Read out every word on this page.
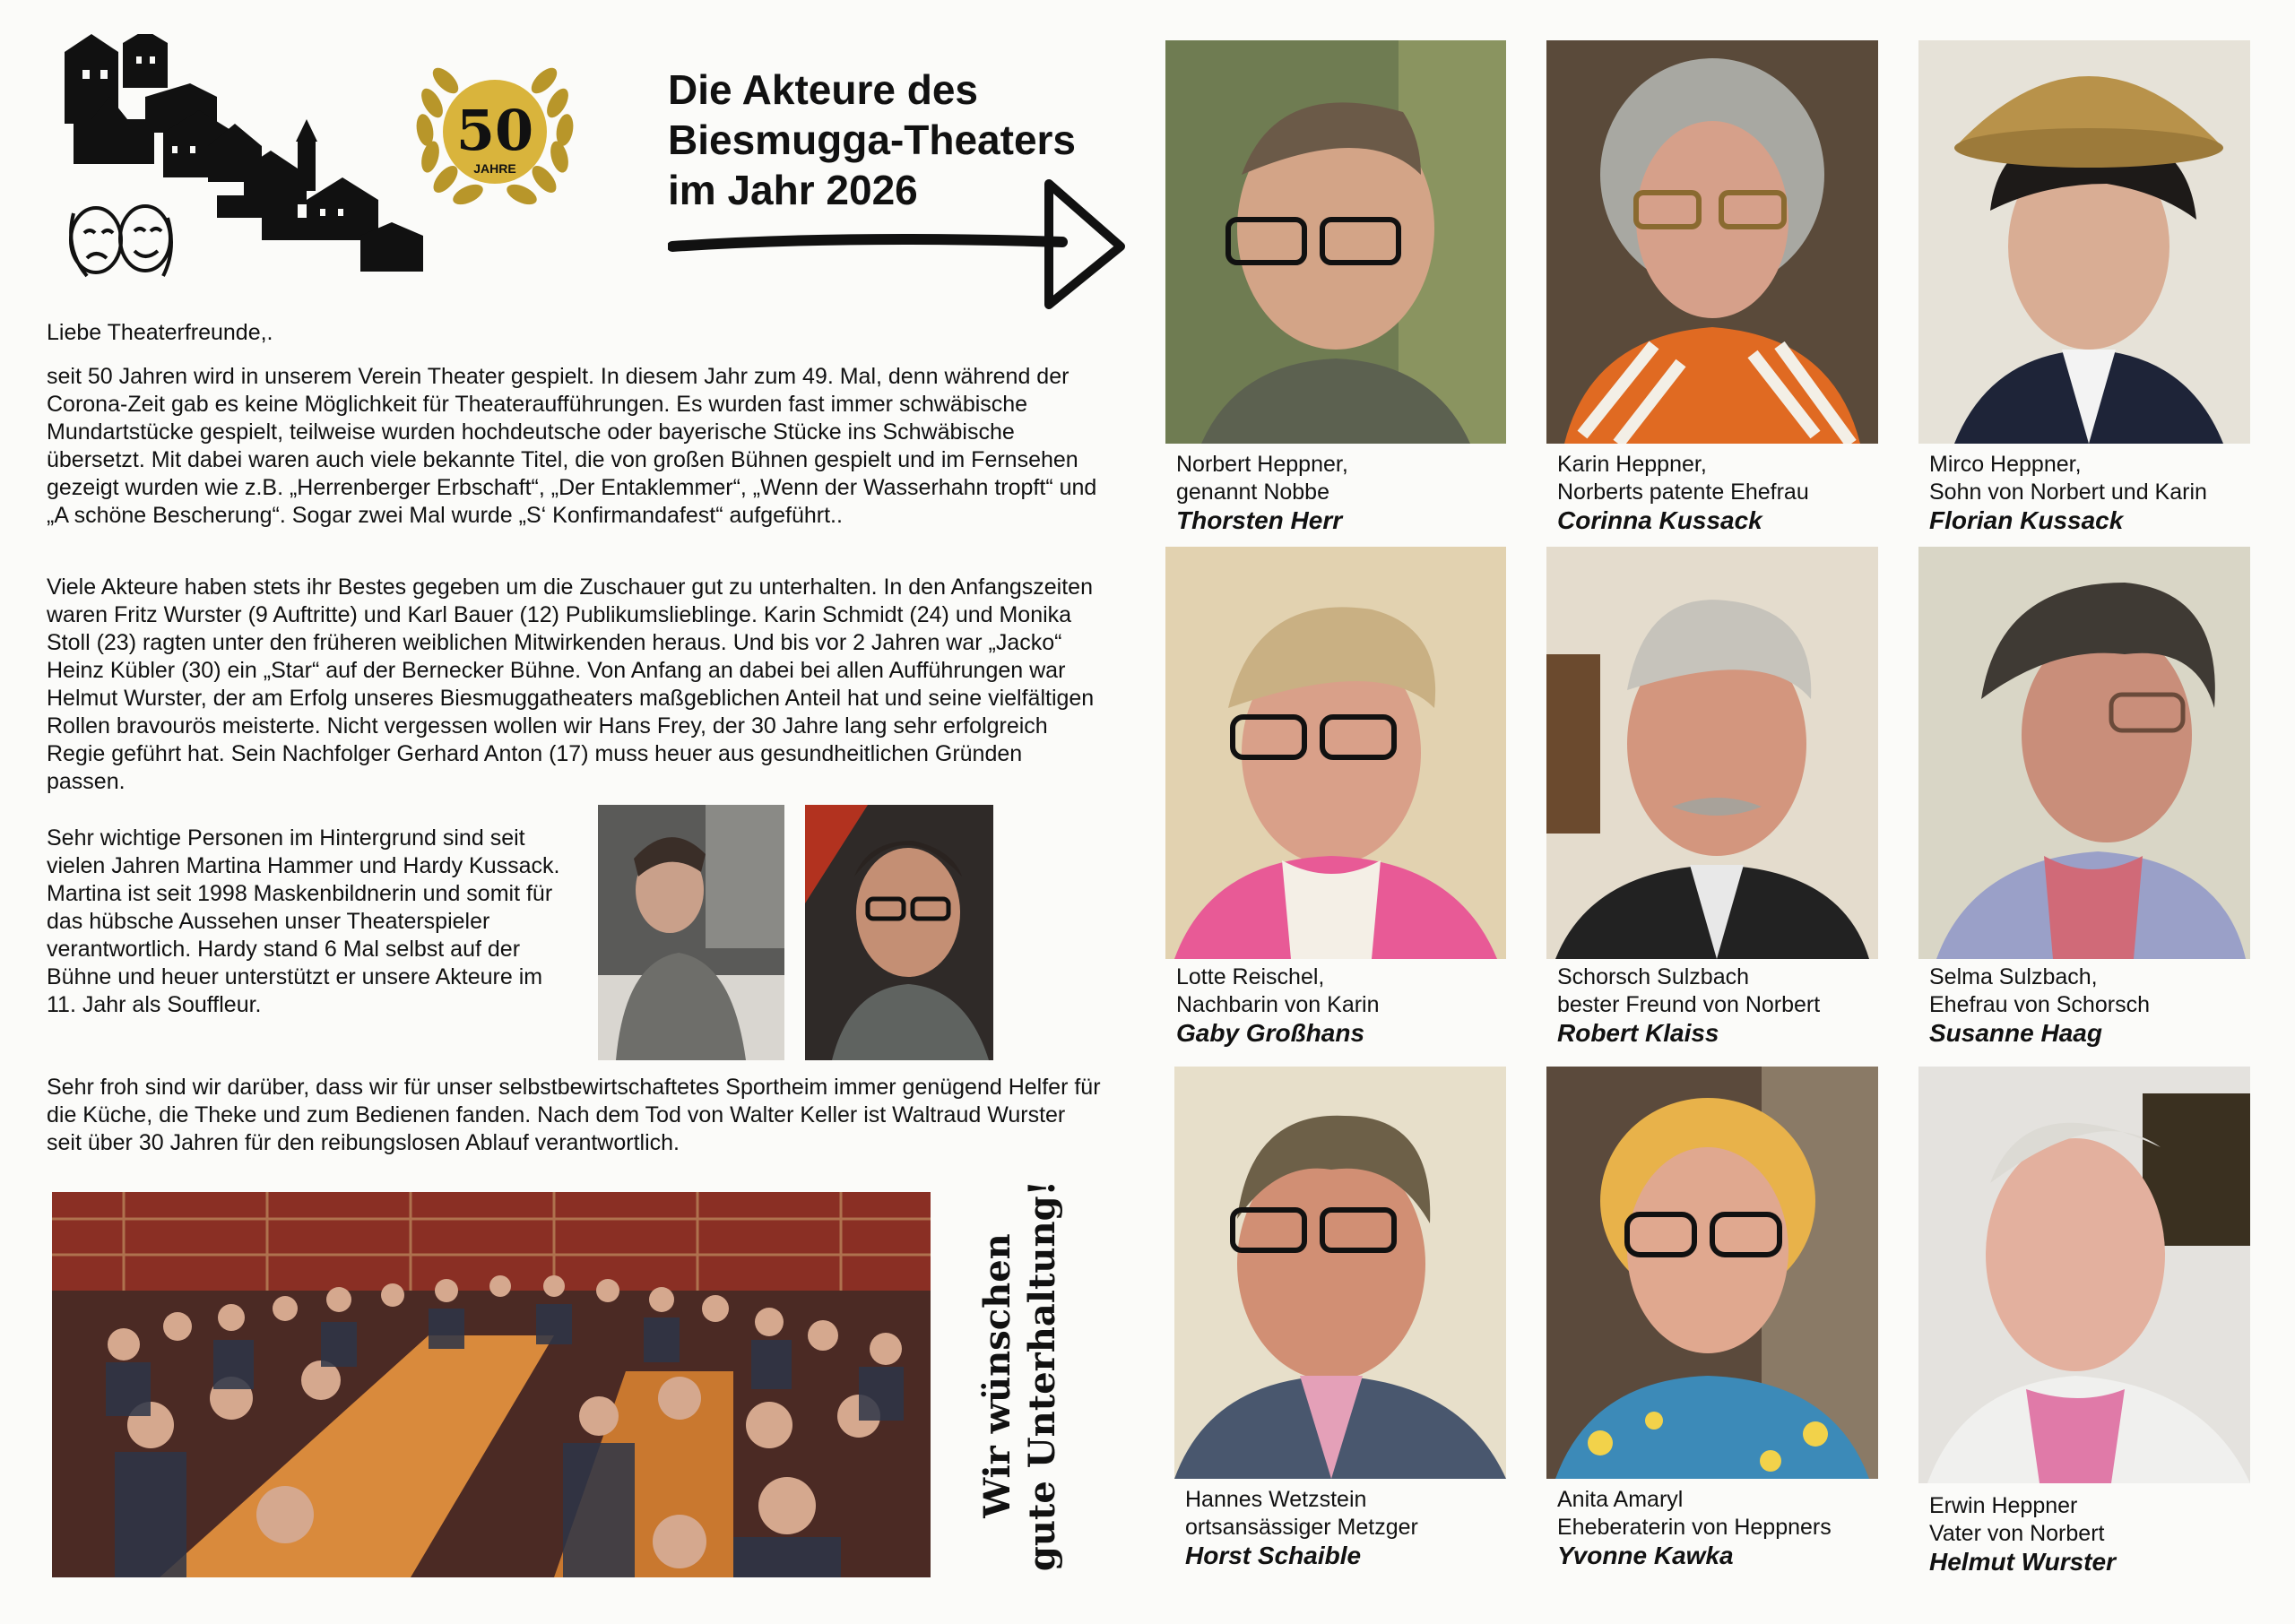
50
JAHRE
Die Akteure des
Biesmugga-Theaters
im Jahr 2026
Liebe Theaterfreunde,.
seit 50 Jahren wird in unserem Verein Theater gespielt. In diesem Jahr zum 49. Mal, denn während der Corona-Zeit gab es keine Möglichkeit für Theateraufführungen. Es wurden fast immer schwäbische Mundartstücke gespielt, teilweise wurden hochdeutsche oder bayerische Stücke ins Schwäbische übersetzt. Mit dabei waren auch viele bekannte Titel, die von großen Bühnen gespielt und im Fernsehen gezeigt wurden wie z.B. „Herrenberger Erbschaft“, „Der Entaklemmer“, „Wenn der Wasserhahn tropft“ und „A schöne Bescherung“. Sogar zwei Mal wurde „S‘ Konfirmandafest“ aufgeführt..
Viele Akteure haben stets ihr Bestes gegeben um die Zuschauer gut zu unterhalten. In den Anfangszeiten waren Fritz Wurster (9 Auftritte) und Karl Bauer (12) Publikumslieblinge. Karin Schmidt (24) und Monika Stoll (23) ragten unter den früheren weiblichen Mitwirkenden heraus. Und bis vor 2 Jahren war „Jacko“ Heinz Kübler (30) ein „Star“ auf der Bernecker Bühne. Von Anfang an dabei bei allen Aufführungen war Helmut Wurster, der am Erfolg unseres Biesmuggatheaters maßgeblichen Anteil hat und seine vielfältigen Rollen bravourös meisterte. Nicht vergessen wollen wir Hans Frey, der 30 Jahre lang sehr erfolgreich Regie geführt hat. Sein Nachfolger Gerhard Anton (17) muss heuer aus gesundheitlichen Gründen passen.
Sehr wichtige Personen im Hintergrund sind seit vielen Jahren Martina Hammer und Hardy Kussack. Martina ist seit 1998 Maskenbildnerin und somit für das hübsche Aussehen unser Theaterspieler verantwortlich. Hardy stand 6 Mal selbst auf der Bühne und heuer unterstützt er unsere Akteure im 11. Jahr als Souffleur.
Sehr froh sind wir darüber, dass wir für unser selbstbewirtschaftetes Sportheim immer genügend Helfer für die Küche, die Theke und zum Bedienen fanden. Nach dem Tod von Walter Keller ist Waltraud Wurster seit über 30 Jahren für den reibungslosen Ablauf verantwortlich.
Wir wünschen gute Unterhaltung!
Norbert Heppner,
genannt Nobbe
Thorsten Herr
Karin Heppner,
Norberts patente Ehefrau
Corinna Kussack
Mirco Heppner,
Sohn von Norbert und Karin
Florian Kussack
Lotte Reischel,
Nachbarin von Karin
Gaby Großhans
Schorsch Sulzbach
bester Freund von Norbert
Robert Klaiss
Selma Sulzbach,
Ehefrau von Schorsch
Susanne Haag
Hannes Wetzstein
ortsansässiger Metzger
Horst Schaible
Anita Amaryl
Eheberaterin von Heppners
Yvonne Kawka
Erwin Heppner
Vater von Norbert
Helmut Wurster
